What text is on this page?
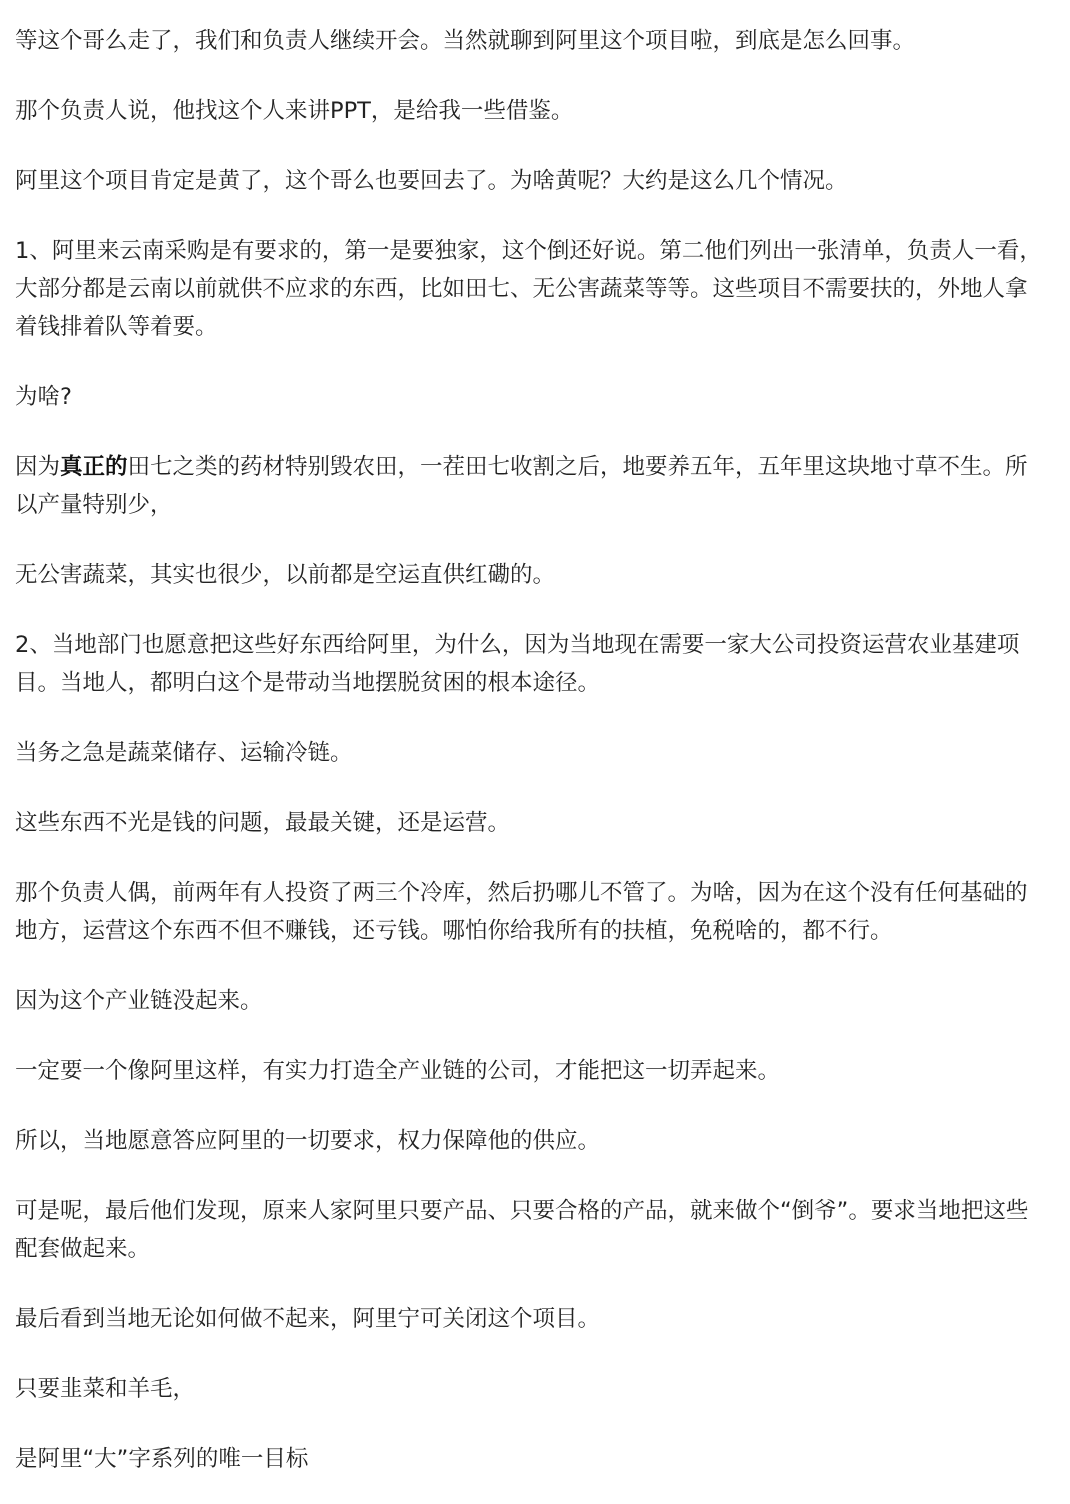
等这个哥么走了，我们和负责人继续开会。当然就聊到阿里这个项目啦，到底是怎么回事。

那个负责人说，他找这个人来讲PPT，是给我一些借鉴。

阿里这个项目肯定是黄了，这个哥么也要回去了。为啥黄呢？大约是这么几个情况。

1、阿里来云南采购是有要求的，第一是要独家，这个倒还好说。第二他们列出一张清单，负责人一看，大部分都是云南以前就供不应求的东西，比如田七、无公害蔬菜等等。这些项目不需要扶的，外地人拿着钱排着队等着要。

为啥?

因为真正的田七之类的药材特别毁农田，一茬田七收割之后，地要养五年，五年里这块地寸草不生。所以产量特别少，

无公害蔬菜，其实也很少，以前都是空运直供红磡的。

2、当地部门也愿意把这些好东西给阿里，为什么，因为当地现在需要一家大公司投资运营农业基建项目。当地人，都明白这个是带动当地摆脱贫困的根本途径。

当务之急是蔬菜储存、运输冷链。

这些东西不光是钱的问题，最最关键，还是运营。

那个负责人偶，前两年有人投资了两三个冷库，然后扔哪儿不管了。为啥，因为在这个没有任何基础的地方，运营这个东西不但不赚钱，还亏钱。哪怕你给我所有的扶植，免税啥的，都不行。

因为这个产业链没起来。

一定要一个像阿里这样，有实力打造全产业链的公司，才能把这一切弄起来。

所以，当地愿意答应阿里的一切要求，权力保障他的供应。

可是呢，最后他们发现，原来人家阿里只要产品、只要合格的产品，就来做个“倒爷”。要求当地把这些配套做起来。

最后看到当地无论如何做不起来，阿里宁可关闭这个项目。

只要韭菜和羊毛，

是阿里“大”字系列的唯一目标
